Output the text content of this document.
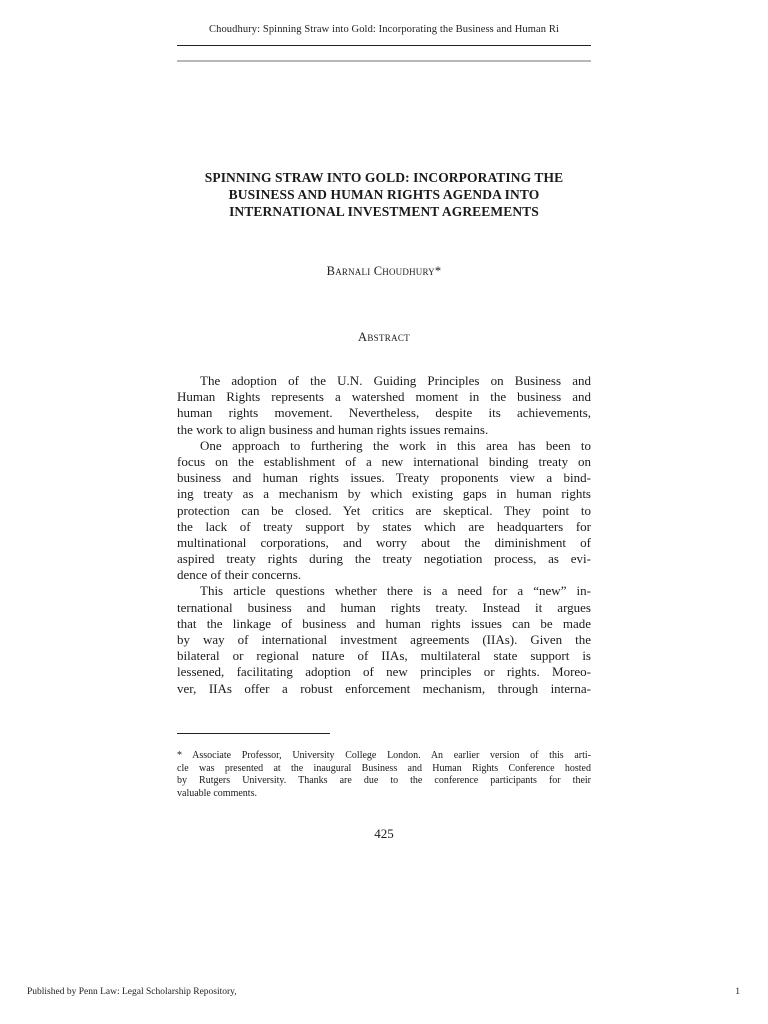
Choudhury: Spinning Straw into Gold: Incorporating the Business and Human Ri
SPINNING STRAW INTO GOLD: INCORPORATING THE
BUSINESS AND HUMAN RIGHTS AGENDA INTO
INTERNATIONAL INVESTMENT AGREEMENTS
Barnali Choudhury*
Abstract
The adoption of the U.N. Guiding Principles on Business and
Human Rights represents a watershed moment in the business and
human rights movement. Nevertheless, despite its achievements,
the work to align business and human rights issues remains.
One approach to furthering the work in this area has been to
focus on the establishment of a new international binding treaty on
business and human rights issues. Treaty proponents view a bind-
ing treaty as a mechanism by which existing gaps in human rights
protection can be closed. Yet critics are skeptical. They point to
the lack of treaty support by states which are headquarters for
multinational corporations, and worry about the diminishment of
aspired treaty rights during the treaty negotiation process, as evi-
dence of their concerns.
This article questions whether there is a need for a “new” in-
ternational business and human rights treaty. Instead it argues
that the linkage of business and human rights issues can be made
by way of international investment agreements (IIAs). Given the
bilateral or regional nature of IIAs, multilateral state support is
lessened, facilitating adoption of new principles or rights. Moreo-
ver, IIAs offer a robust enforcement mechanism, through interna-
* Associate Professor, University College London. An earlier version of this arti-
cle was presented at the inaugural Business and Human Rights Conference hosted
by Rutgers University. Thanks are due to the conference participants for their
valuable comments.
425
Published by Penn Law: Legal Scholarship Repository,	1
